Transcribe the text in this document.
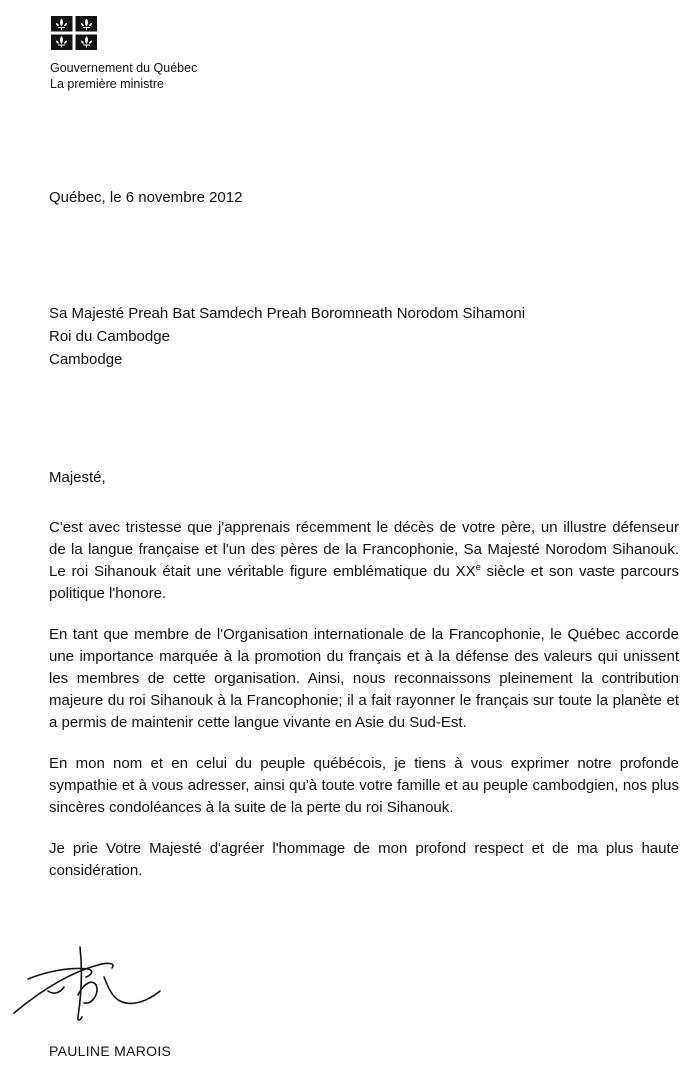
Gouvernement du Québec
La première ministre
Québec, le 6 novembre 2012
Sa Majesté Preah Bat Samdech Preah Boromneath Norodom Sihamoni
Roi du Cambodge
Cambodge
Majesté,

C'est avec tristesse que j'apprenais récemment le décès de votre père, un illustre défenseur de la langue française et l'un des pères de la Francophonie, Sa Majesté Norodom Sihanouk. Le roi Sihanouk était une véritable figure emblématique du XXe siècle et son vaste parcours politique l'honore.

En tant que membre de l'Organisation internationale de la Francophonie, le Québec accorde une importance marquée à la promotion du français et à la défense des valeurs qui unissent les membres de cette organisation. Ainsi, nous reconnaissons pleinement la contribution majeure du roi Sihanouk à la Francophonie; il a fait rayonner le français sur toute la planète et a permis de maintenir cette langue vivante en Asie du Sud-Est.

En mon nom et en celui du peuple québécois, je tiens à vous exprimer notre profonde sympathie et à vous adresser, ainsi qu'à toute votre famille et au peuple cambodgien, nos plus sincères condoléances à la suite de la perte du roi Sihanouk.

Je prie Votre Majesté d'agréer l'hommage de mon profond respect et de ma plus haute considération.

PAULINE MAROIS
